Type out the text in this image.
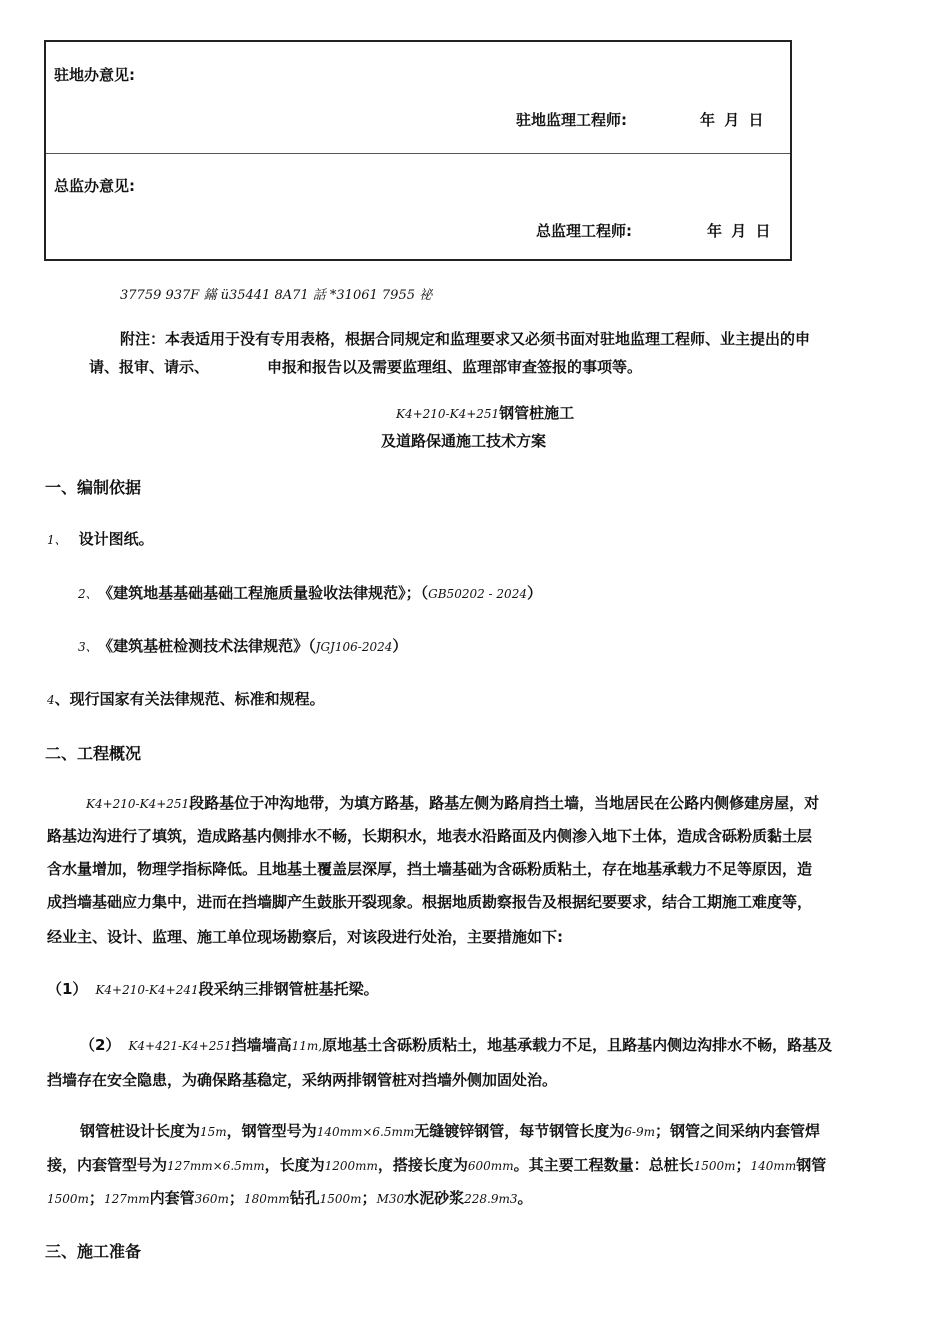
驻地办意见:
驻地监理工程师:	年 月 日
总监办意见:
总监理工程师:	年 月 日
37759 937F 鏋 ü35441 8A71 話 *31061 7955 祕
附注：本表适用于没有专用表格，根据合同规定和监理要求又必须书面对驻地监理工程师、业主提出的申
请、报审、请示、	申报和报告以及需要监理组、监理部审查签报的事项等。
K4+210-K4+251钢管桩施工
及道路保通施工技术方案
一、编制依据
1、 设计图纸。
2、 《建筑地基基础基础工程施质量验收法律规范》；（GB50202 - 2024）
3、 《建筑基桩检测技术法律规范》（JGJ106-2024）
4、现行国家有关法律规范、标准和规程。
二、工程概况
K4+210-K4+251段路基位于冲沟地带，为填方路基，路基左侧为路肩挡土墙，当地居民在公路内侧修建房屋，对
路基边沟进行了填筑，造成路基内侧排水不畅，长期积水，地表水沿路面及内侧渗入地下土体，造成含砾粉质黏土层
含水量增加，物理学指标降低。且地基土覆盖层深厚，挡土墙基础为含砾粉质粘土，存在地基承载力不足等原因，造
成挡墙基础应力集中，进而在挡墙脚产生鼓胀开裂现象。根据地质勘察报告及根据纪要要求，结合工期施工难度等，
经业主、设计、监理、施工单位现场勘察后，对该段进行处治，主要措施如下:
（1） K4+210-K4+241段采纳三排钢管桩基托梁。
（2） K4+421-K4+251挡墙墙高11m,原地基土含砾粉质粘土，地基承载力不足，且路基内侧边沟排水不畅，路基及
挡墙存在安全隐患，为确保路基稳定，采纳两排钢管桩对挡墙外侧加固处治。
钢管桩设计长度为15m，钢管型号为140mm×6.5mm无缝镀锌钢管，每节钢管长度为6-9m；钢管之间采纳内套管焊
接，内套管型号为127mm×6.5mm，长度为1200mm，搭接长度为600mm。其主要工程数量：总桩长1500m；140mm钢管
1500m；127mm内套管360m；180mm钻孔1500m；M30水泥砂浆228.9m3。
三、施工准备
